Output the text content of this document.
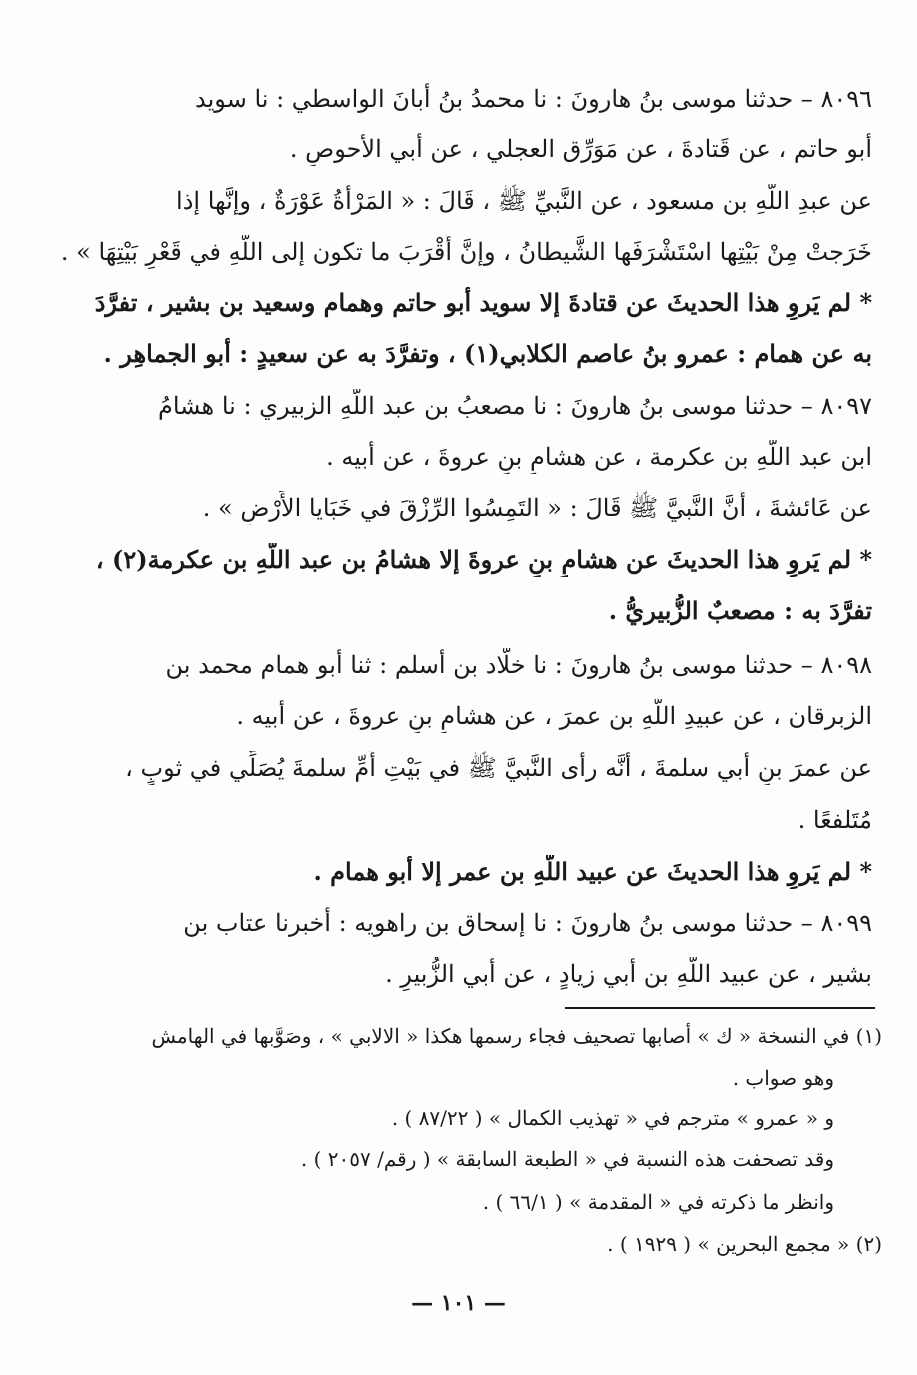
٨٠٩٦ – حدثنا موسى بنُ هارونَ : نا محمدُ بنُ أبانَ الواسطي : نا سويد
أبو حاتم ، عن قَتادةَ ، عن مَوَرِّق العجلي ، عن أبي الأحوصِ .
عن عبدِ اللَّهِ بن مسعود ، عن النَّبيِّ ﷺ ، قَالَ : « المَرْأةُ عَوْرَةٌ ، وإنَّها إذا
خَرَجتْ مِنْ بَيْتِها اسْتَشْرَفَها الشَّيطانُ ، وإنَّ أَقْرَبَ ما تكون إلى اللَّهِ في قَعْرِ بَيْتِهَا » .
* لم يَروِ هذا الحديثَ عن قتادةَ إلا سويد أبو حاتم وهمام وسعيد بن بشير ، تفرَّدَ
به عن همام : عمرو بنُ عاصم الكلابي(١) ، وتفرَّدَ به عن سعيدٍ : أبو الجماهِر .
٨٠٩٧ – حدثنا موسى بنُ هارونَ : نا مصعبُ بن عبد اللَّهِ الزبيري : نا هشامُ
ابن عبد اللَّهِ بن عكرمة ، عن هشامِ بنِ عروةَ ، عن أبيه .
عن عَائشةَ ، أَنَّ النَّبيَّ ﷺ قَالَ : « التَمِسُوا الرِّزْقَ في خَبَايا الأَرْضِ » .
* لم يَروِ هذا الحديثَ عن هشامِ بنِ عروةَ إلا هشامُ بن عبد اللَّهِ بن عكرمة(٢) ،
تفرَّدَ به : مصعبٌ الزُّبيريُّ .
٨٠٩٨ – حدثنا موسى بنُ هارونَ : نا خلَّاد بن أسلم : ثنا أبو همام محمد بن
الزبرقان ، عن عبيدِ اللَّهِ بن عمرَ ، عن هشامِ بنِ عروةَ ، عن أبيه .
عن عمرَ بنِ أبي سلمةَ ، أنَّه رأى النَّبيَّ ﷺ في بَيْتِ أُمِّ سلمةَ يُصَلِّي في ثوبٍ ،
مُتَلفعًا .
* لم يَروِ هذا الحديثَ عن عبيد اللَّهِ بن عمر إلا أبو همام .
٨٠٩٩ – حدثنا موسى بنُ هارونَ : نا إسحاق بن راهويه : أخبرنا عتاب بن
بشير ، عن عبيد اللَّهِ بن أبي زيادٍ ، عن أبي الزُّبيرِ .
(١) في النسخة « ك » أصابها تصحيف فجاء رسمها هكذا « الالابي » ، وصَوَّبها في الهامش
وهو صواب .
و « عمرو » مترجم في « تهذيب الكمال » ( ٨٧/٢٢ ) .
وقد تصحفت هذه النسبة في « الطبعة السابقة » ( رقم/ ٢٠٥٧ ) .
وانظر ما ذكرته في « المقدمة » ( ٦٦/١ ) .
(٢) « مجمع البحرين » ( ١٩٢٩ ) .
— ١٠١ —
